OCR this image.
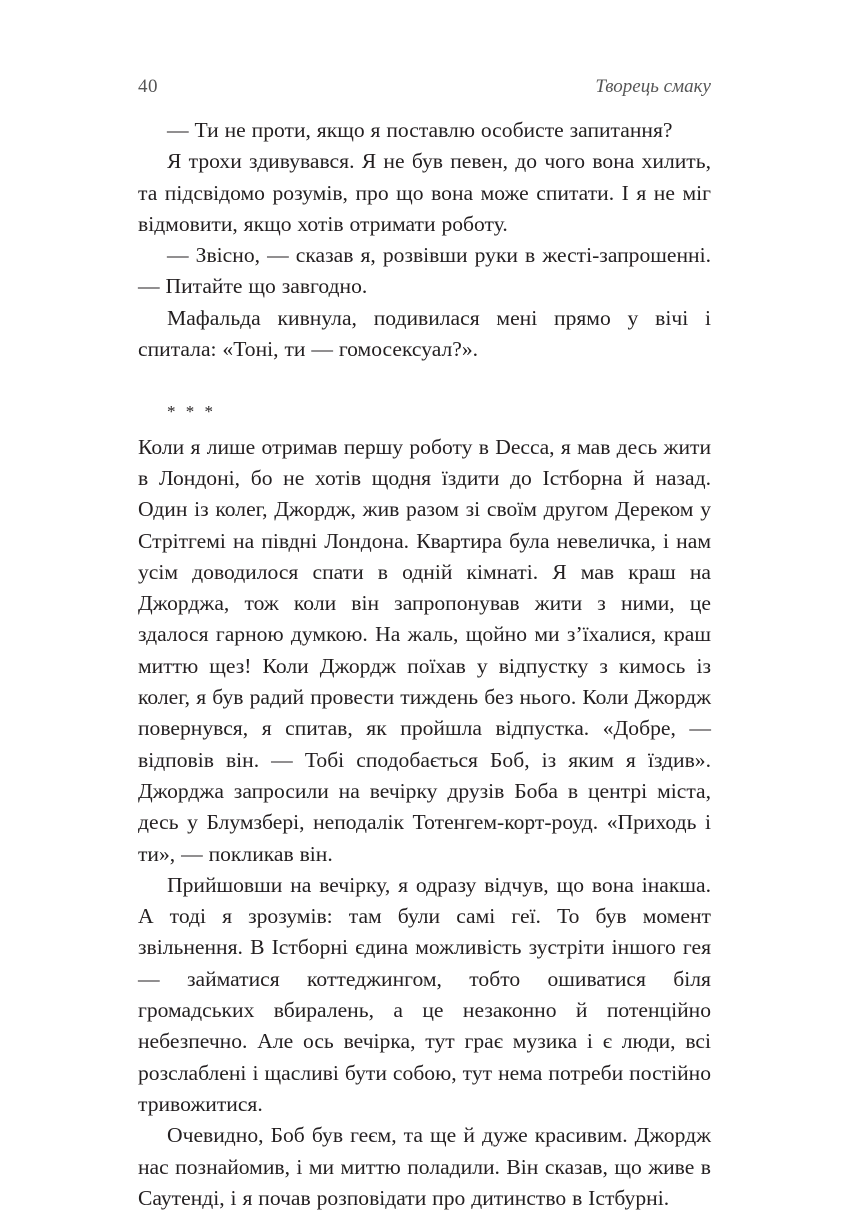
40	Творець смаку

— Ти не проти, якщо я поставлю особисте запитання?

Я трохи здивувався. Я не був певен, до чого вона хилить, та підсвідомо розумів, про що вона може спитати. І я не міг відмовити, якщо хотів отримати роботу.

— Звісно, — сказав я, розвівши руки в жесті-запрошенні. — Питайте що завгодно.

Мафальда кивнула, подивилася мені прямо у вічі і спитала: «Тоні, ти — гомосексуал?».

* * *

Коли я лише отримав першу роботу в Decca, я мав десь жити в Лондоні, бо не хотів щодня їздити до Істборна й назад. Один із колег, Джордж, жив разом зі своїм другом Дереком у Стрітгемі на півдні Лондона. Квартира була невеличка, і нам усім доводилося спати в одній кімнаті. Я мав краш на Джорджа, тож коли він запропонував жити з ними, це здалося гарною думкою. На жаль, щойно ми з’їхалися, краш миттю щез! Коли Джордж поїхав у відпустку з кимось із колег, я був радий провести тиждень без нього. Коли Джордж повернувся, я спитав, як пройшла відпустка. «Добре, — відповів він. — Тобі сподобається Боб, із яким я їздив». Джорджа запросили на вечірку друзів Боба в центрі міста, десь у Блумзбері, неподалік Тотенгем-корт-роуд. «Приходь і ти», — покликав він.

Прийшовши на вечірку, я одразу відчув, що вона інакша. А тоді я зрозумів: там були самі геї. То був момент звільнення. В Істборні єдина можливість зустріти іншого гея — займатися коттеджингом, тобто ошиватися біля громадських вбиралень, а це незаконно й потенційно небезпечно. Але ось вечірка, тут грає музика і є люди, всі розслаблені і щасливі бути собою, тут нема потреби постійно тривожитися.

Очевидно, Боб був геєм, та ще й дуже красивим. Джордж нас познайомив, і ми миттю поладили. Він сказав, що живе в Саутенді, і я почав розповідати про дитинство в Істбурні.
